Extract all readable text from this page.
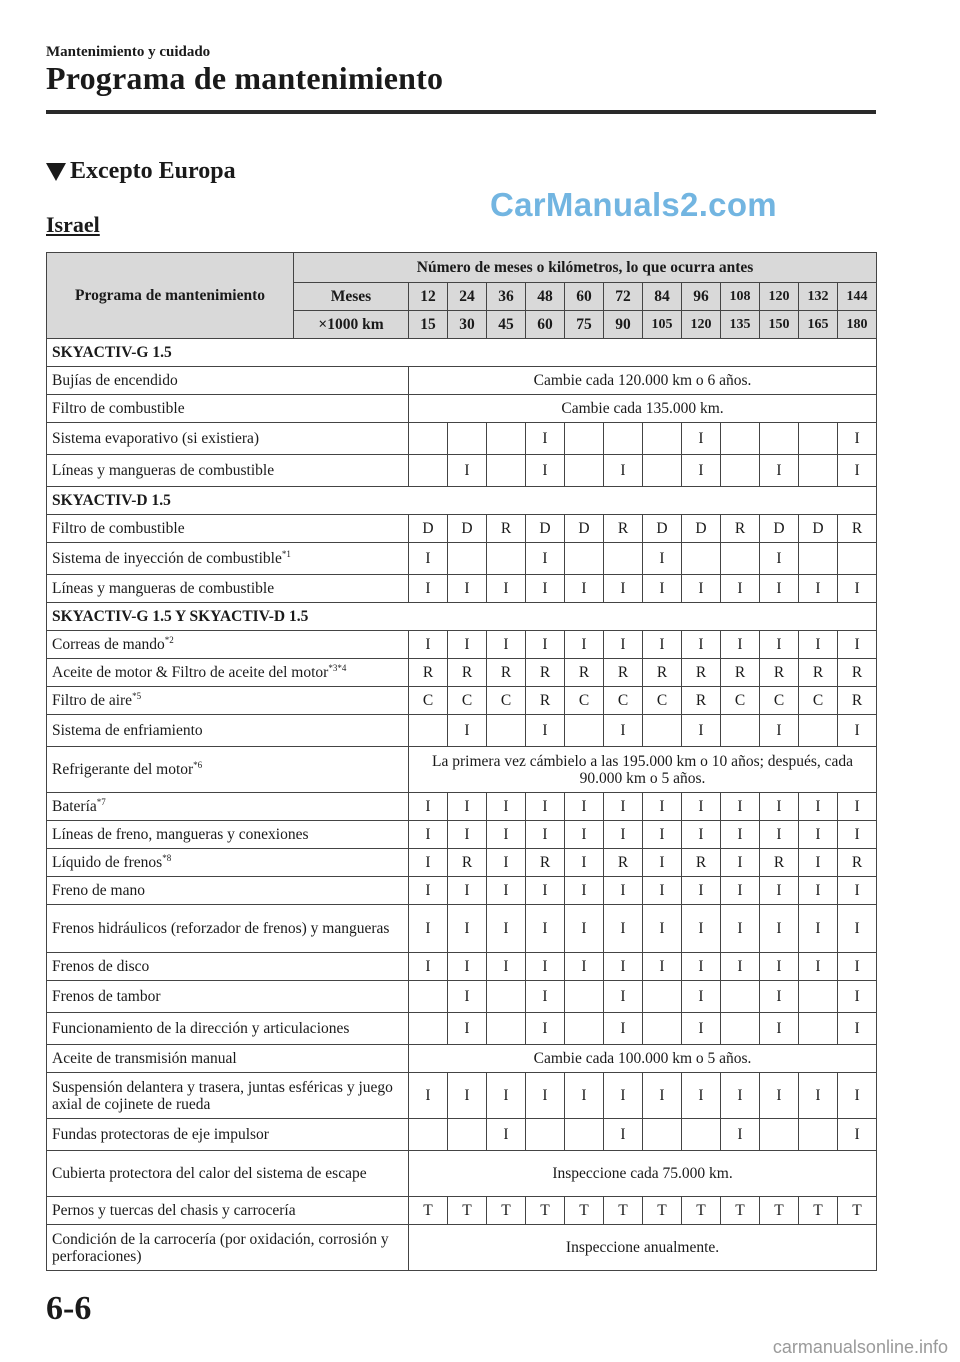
Mantenimiento y cuidado
Programa de mantenimiento
Excepto Europa
Israel
CarManuals2.com
Programa de mantenimiento	Número de meses o kilómetros, lo que ocurra antes												
	Meses	12	24	36	48	60	72	84	96	108	120	132	144
	×1000 km	15	30	45	60	75	90	105	120	135	150	165	180
SKYACTIV-G 1.5													
Bujías de encendido		Cambie cada 120.000 km o 6 años.											
Filtro de combustible		Cambie cada 135.000 km.											
Sistema evaporativo (si existiera)					I				I				I
Líneas y mangueras de combustible			I		I		I		I		I		I
SKYACTIV-D 1.5													
Filtro de combustible		D	D	R	D	D	R	D	D	R	D	D	R
Sistema de inyección de combustible$^{*1}$		I			I			I			I		
Líneas y mangueras de combustible		I	I	I	I	I	I	I	I	I	I	I	I
SKYACTIV-G 1.5 Y SKYACTIV-D 1.5													
Correas de mando$^{*2}$		I	I	I	I	I	I	I	I	I	I	I	I
Aceite de motor & Filtro de aceite del motor$^{*3*4}$		R	R	R	R	R	R	R	R	R	R	R	R
Filtro de aire$^{*5}$		C	C	C	R	C	C	C	R	C	C	C	R
Sistema de enfriamiento			I		I		I		I		I		I
Refrigerante del motor$^{*6}$		La primera vez cámbielo a las 195.000 km o 10 años; después, cada 90.000 km o 5 años.											
Batería$^{*7}$		I	I	I	I	I	I	I	I	I	I	I	I
Líneas de freno, mangueras y conexiones		I	I	I	I	I	I	I	I	I	I	I	I
Líquido de frenos$^{*8}$		I	R	I	R	I	R	I	R	I	R	I	R
Freno de mano		I	I	I	I	I	I	I	I	I	I	I	I
Frenos hidráulicos (reforzador de frenos) y mangueras		I	I	I	I	I	I	I	I	I	I	I	I
Frenos de disco		I	I	I	I	I	I	I	I	I	I	I	I
Frenos de tambor			I		I		I		I		I		I
Funcionamiento de la dirección y articulaciones			I		I		I		I		I		I
Aceite de transmisión manual		Cambie cada 100.000 km o 5 años.											
Suspensión delantera y trasera, juntas esféricas y juego axial de cojinete de rueda		I	I	I	I	I	I	I	I	I	I	I	I
Fundas protectoras de eje impulsor				I			I			I			I
Cubierta protectora del calor del sistema de escape		Inspeccione cada 75.000 km.											
Pernos y tuercas del chasis y carrocería		T	T	T	T	T	T	T	T	T	T	T	T
Condición de la carrocería (por oxidación, corrosión y perforaciones)		Inspeccione anualmente.											
6-6
carmanualsonline.info
